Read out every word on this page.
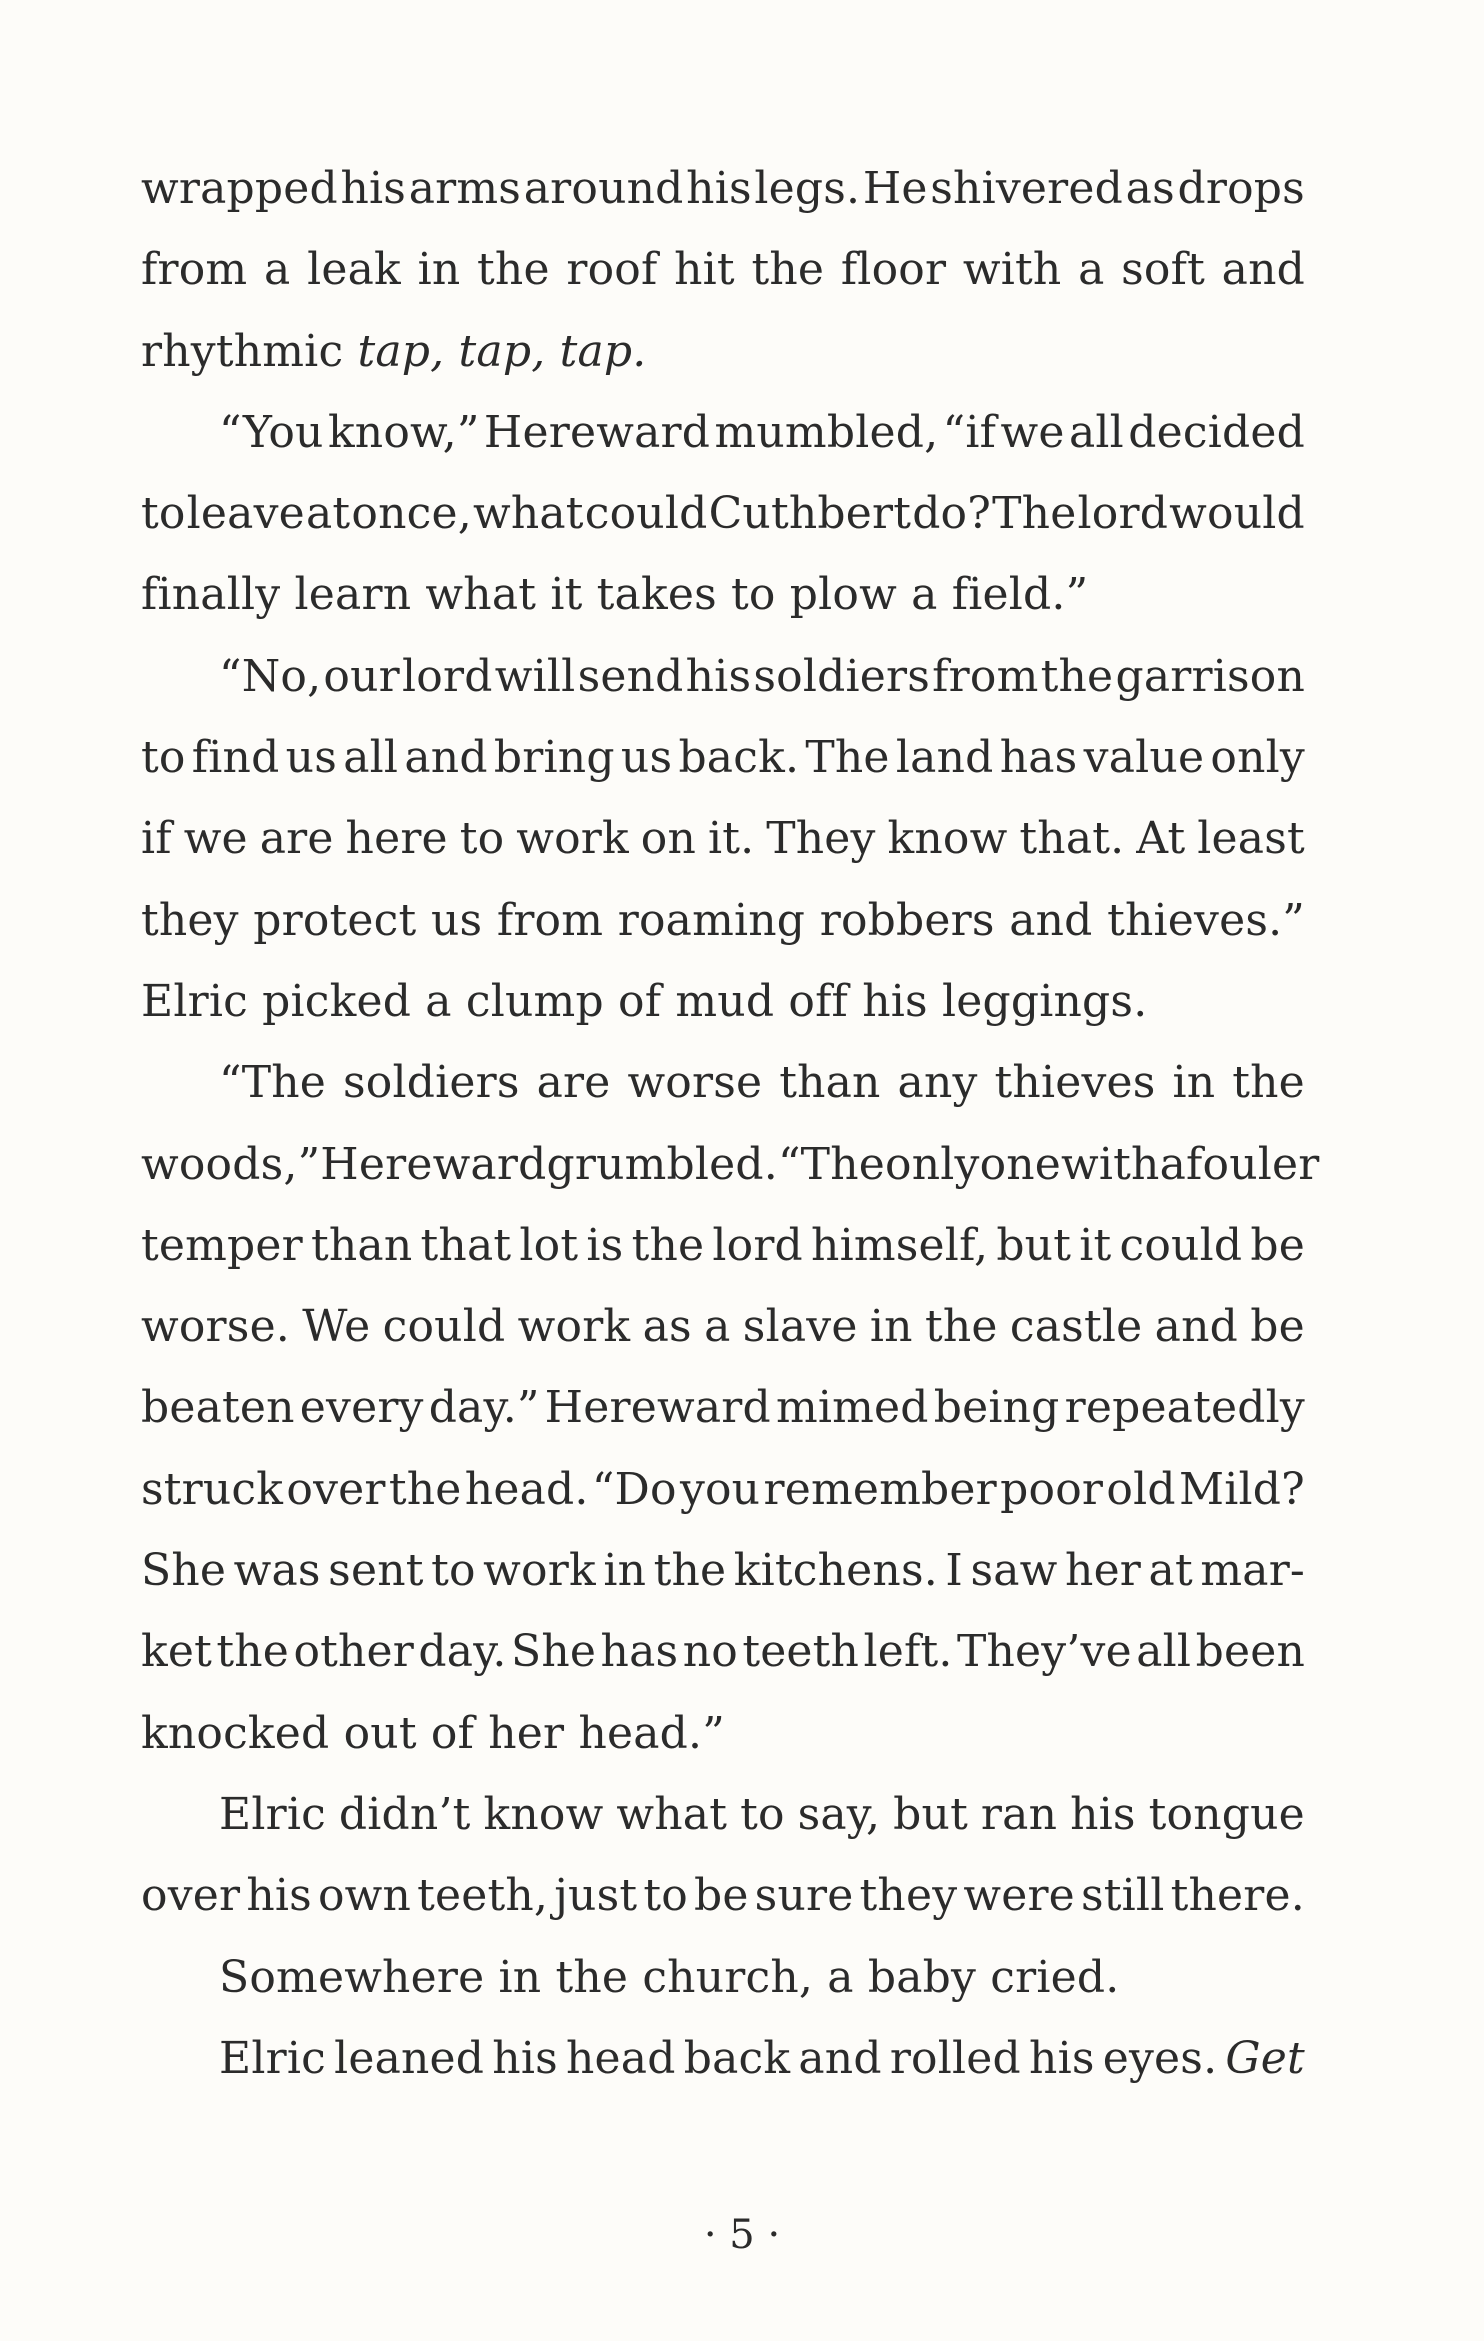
wrapped his arms around his legs. He shivered as drops
from a leak in the roof hit the floor with a soft and
rhythmic tap, tap, tap.
“You know,” Hereward mumbled, “if we all decided
to leave at once, what could Cuthbert do? The lord would
finally learn what it takes to plow a field.”
“No, our lord will send his soldiers from the garrison
to find us all and bring us back. The land has value only
if we are here to work on it. They know that. At least
they protect us from roaming robbers and thieves.”
Elric picked a clump of mud off his leggings.
“The soldiers are worse than any thieves in the
woods,” Hereward grumbled. “The only one with a fouler
temper than that lot is the lord himself, but it could be
worse. We could work as a slave in the castle and be
beaten every day.” Hereward mimed being repeatedly
struck over the head. “Do you remember poor old Mild?
She was sent to work in the kitchens. I saw her at mar-
ket the other day. She has no teeth left. They’ve all been
knocked out of her head.”
Elric didn’t know what to say, but ran his tongue
over his own teeth, just to be sure they were still there.
Somewhere in the church, a baby cried.
Elric leaned his head back and rolled his eyes. Get
· 5 ·
